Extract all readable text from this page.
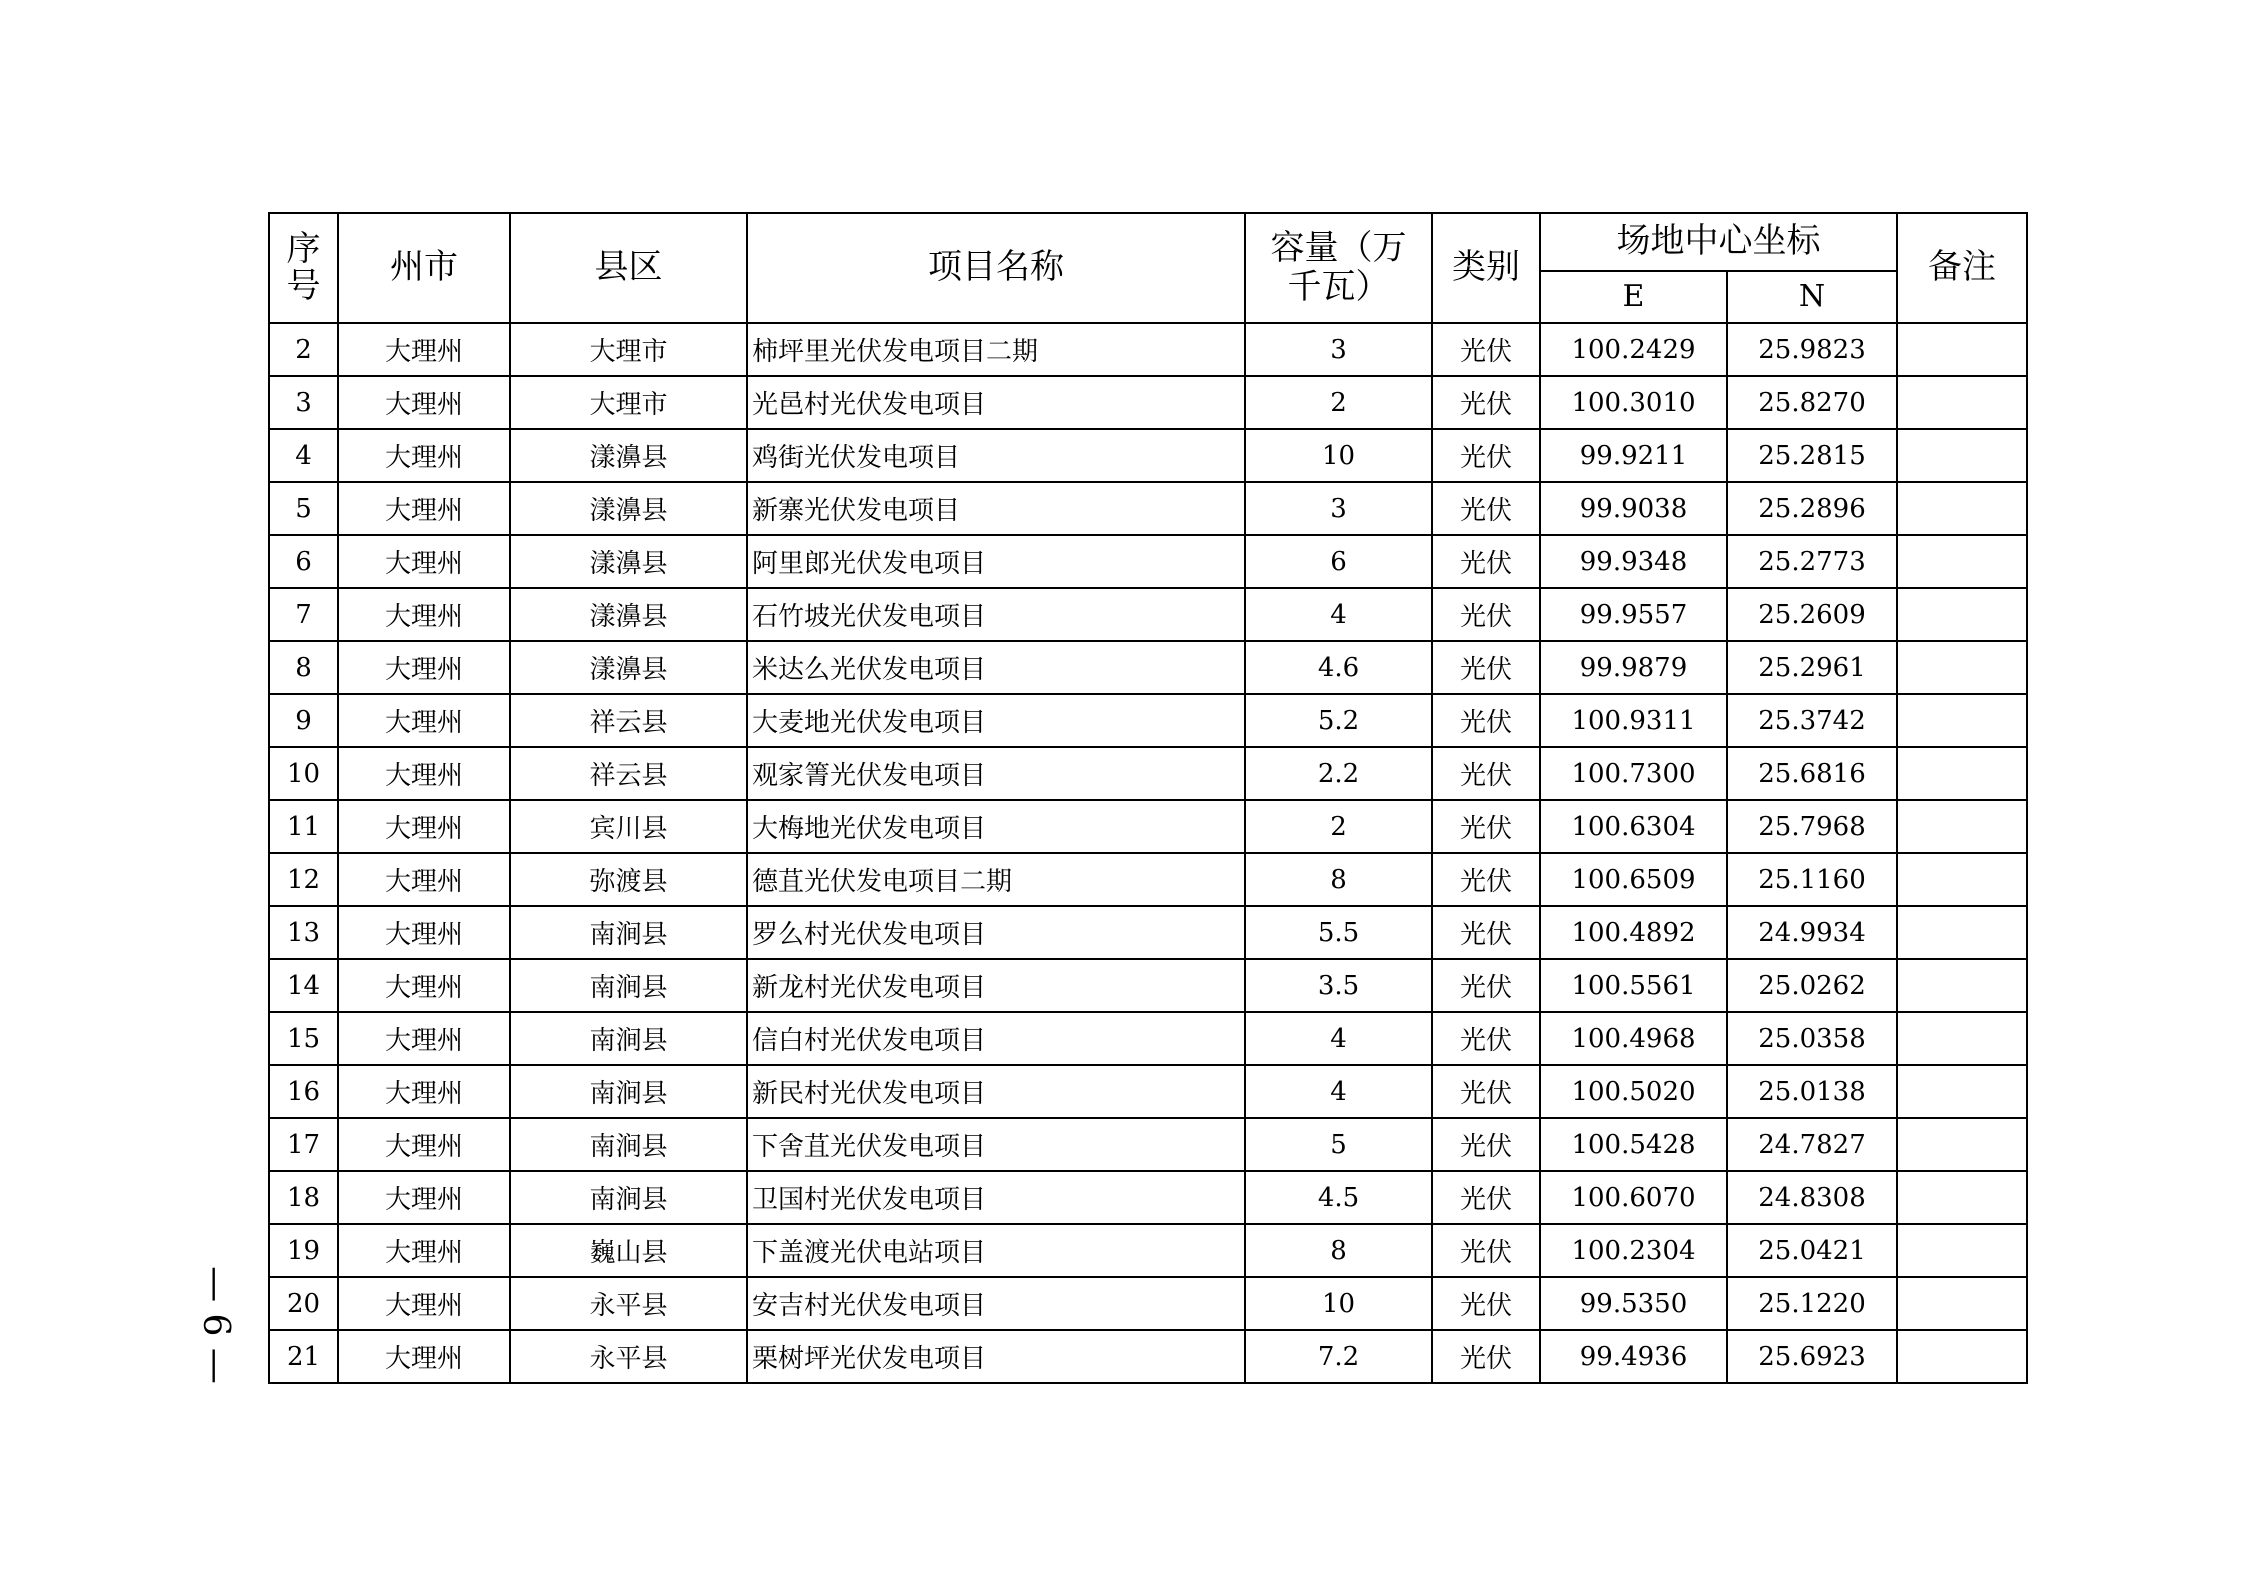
— 6 —
序号	州市	县区	项目名称	容量（万千瓦）	类别	场地中心坐标		备注
						E	N	
2	大理州	大理市	柿坪里光伏发电项目二期	3	光伏	100.2429	25.9823	
3	大理州	大理市	光邑村光伏发电项目	2	光伏	100.3010	25.8270	
4	大理州	漾濞县	鸡街光伏发电项目	10	光伏	99.9211	25.2815	
5	大理州	漾濞县	新寨光伏发电项目	3	光伏	99.9038	25.2896	
6	大理州	漾濞县	阿里郎光伏发电项目	6	光伏	99.9348	25.2773	
7	大理州	漾濞县	石竹坡光伏发电项目	4	光伏	99.9557	25.2609	
8	大理州	漾濞县	米达么光伏发电项目	4.6	光伏	99.9879	25.2961	
9	大理州	祥云县	大麦地光伏发电项目	5.2	光伏	100.9311	25.3742	
10	大理州	祥云县	观家箐光伏发电项目	2.2	光伏	100.7300	25.6816	
11	大理州	宾川县	大梅地光伏发电项目	2	光伏	100.6304	25.7968	
12	大理州	弥渡县	德苴光伏发电项目二期	8	光伏	100.6509	25.1160	
13	大理州	南涧县	罗么村光伏发电项目	5.5	光伏	100.4892	24.9934	
14	大理州	南涧县	新龙村光伏发电项目	3.5	光伏	100.5561	25.0262	
15	大理州	南涧县	信白村光伏发电项目	4	光伏	100.4968	25.0358	
16	大理州	南涧县	新民村光伏发电项目	4	光伏	100.5020	25.0138	
17	大理州	南涧县	下舍苴光伏发电项目	5	光伏	100.5428	24.7827	
18	大理州	南涧县	卫国村光伏发电项目	4.5	光伏	100.6070	24.8308	
19	大理州	巍山县	下盖渡光伏电站项目	8	光伏	100.2304	25.0421	
20	大理州	永平县	安吉村光伏发电项目	10	光伏	99.5350	25.1220	
21	大理州	永平县	栗树坪光伏发电项目	7.2	光伏	99.4936	25.6923	
